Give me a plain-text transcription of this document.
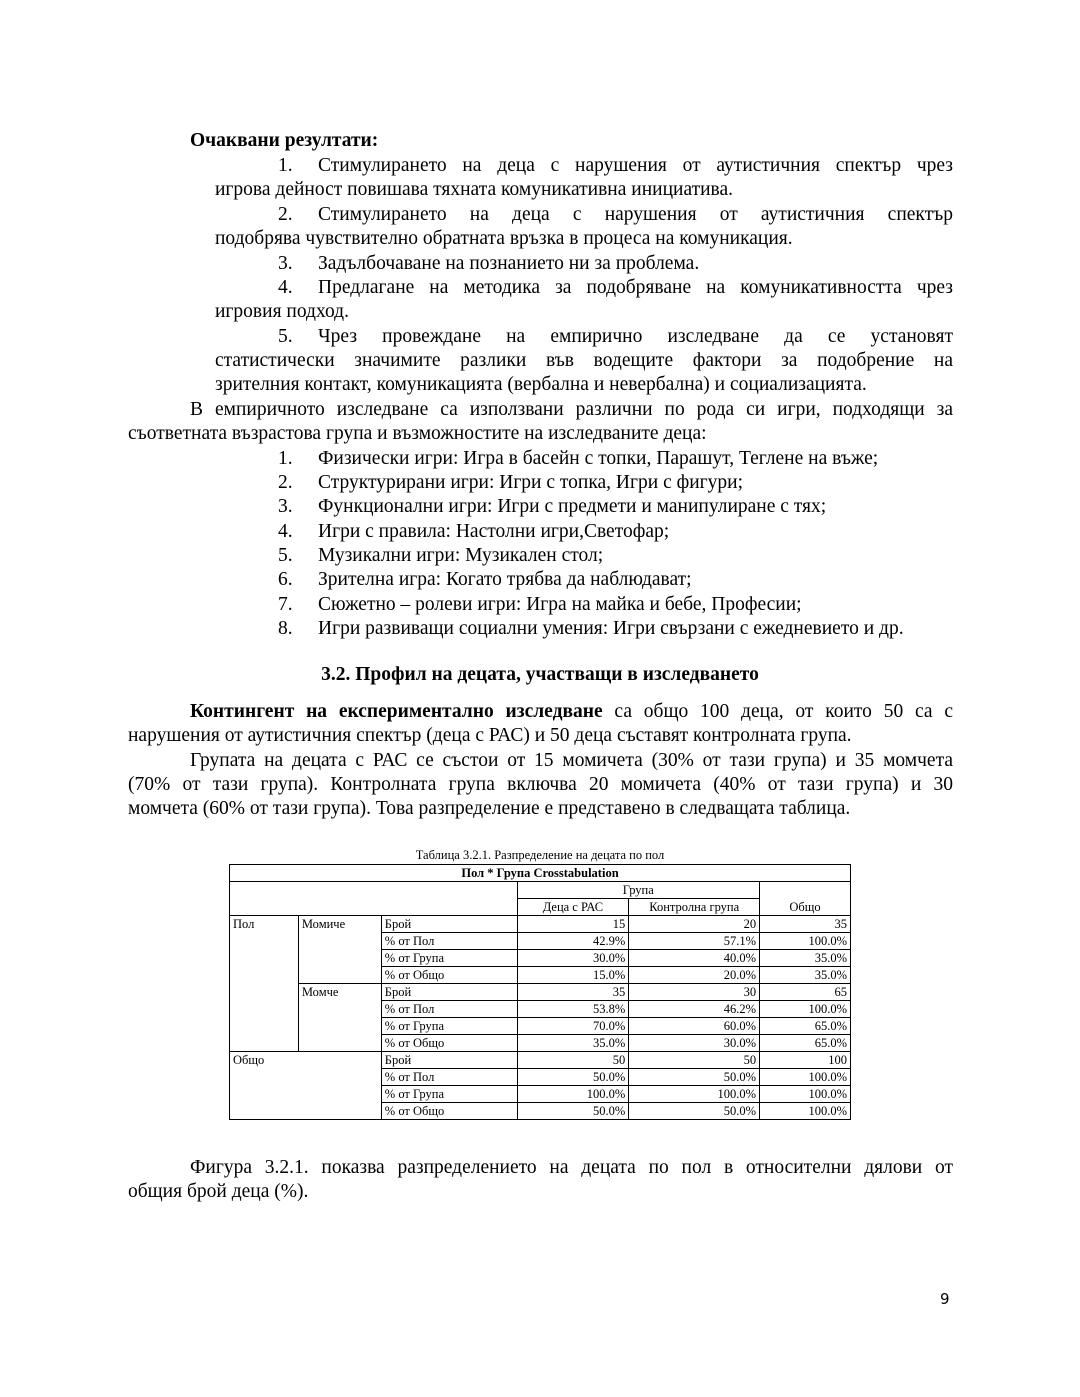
Очаквани резултати:
1. Стимулирането на деца с нарушения от аутистичния спектър чрез
игрова дейност повишава тяхната комуникативна инициатива.
2. Стимулирането на деца с нарушения от аутистичния спектър
подобрява чувствително обратната връзка в процеса на комуникация.
3. Задълбочаване на познанието ни за проблема.
4. Предлагане на методика за подобряване на комуникативността чрез
игровия подход.
5. Чрез провеждане на емпирично изследване да се установят
статистически значимите разлики във водещите фактори за подобрение на
зрителния контакт, комуникацията (вербална и невербална) и социализацията.
В емпиричното изследване са използвани различни по рода си игри, подходящи за
съответната възрастова група и възможностите на изследваните деца:
1. Физически игри: Игра в басейн с топки, Парашут, Теглене на въже;
2. Структурирани игри: Игри с топка, Игри с фигури;
3. Функционални игри: Игри с предмети и манипулиране с тях;
4. Игри с правила: Настолни игри,Светофар;
5. Музикални игри: Музикален стол;
6. Зрителна игра: Когато трябва да наблюдават;
7. Сюжетно – ролеви игри: Игра на майка и бебе, Професии;
8. Игри развиващи социални умения: Игри свързани с ежедневието и др.
3.2. Профил на децата, участващи в изследването
Контингент на експериментално изследване са общо 100 деца, от които 50 са с
нарушения от аутистичния спектър (деца с РАС) и 50 деца съставят контролната група.
Групата на децата с РАС се състои от 15 момичета (30% от тази група) и 35 момчета
(70% от тази група). Контролната група включва 20 момичета (40% от тази група) и 30
момчета (60% от тази група). Това разпределение е представено в следващата таблица.
Таблица 3.2.1. Разпределение на децата по пол
Пол * Група Crosstabulation					
			Група		Общо
			Деца с РАС	Контролна група	
Пол	Момиче	Брой	15	20	35
		% от Пол	42.9%	57.1%	100.0%
		% от Група	30.0%	40.0%	35.0%
		% от Общо	15.0%	20.0%	35.0%
	Момче	Брой	35	30	65
		% от Пол	53.8%	46.2%	100.0%
		% от Група	70.0%	60.0%	65.0%
		% от Общо	35.0%	30.0%	65.0%
Общо		Брой	50	50	100
		% от Пол	50.0%	50.0%	100.0%
		% от Група	100.0%	100.0%	100.0%
		% от Общо	50.0%	50.0%	100.0%
Фигура 3.2.1. показва разпределението на децата по пол в относителни дялови от
общия брой деца (%).
9
